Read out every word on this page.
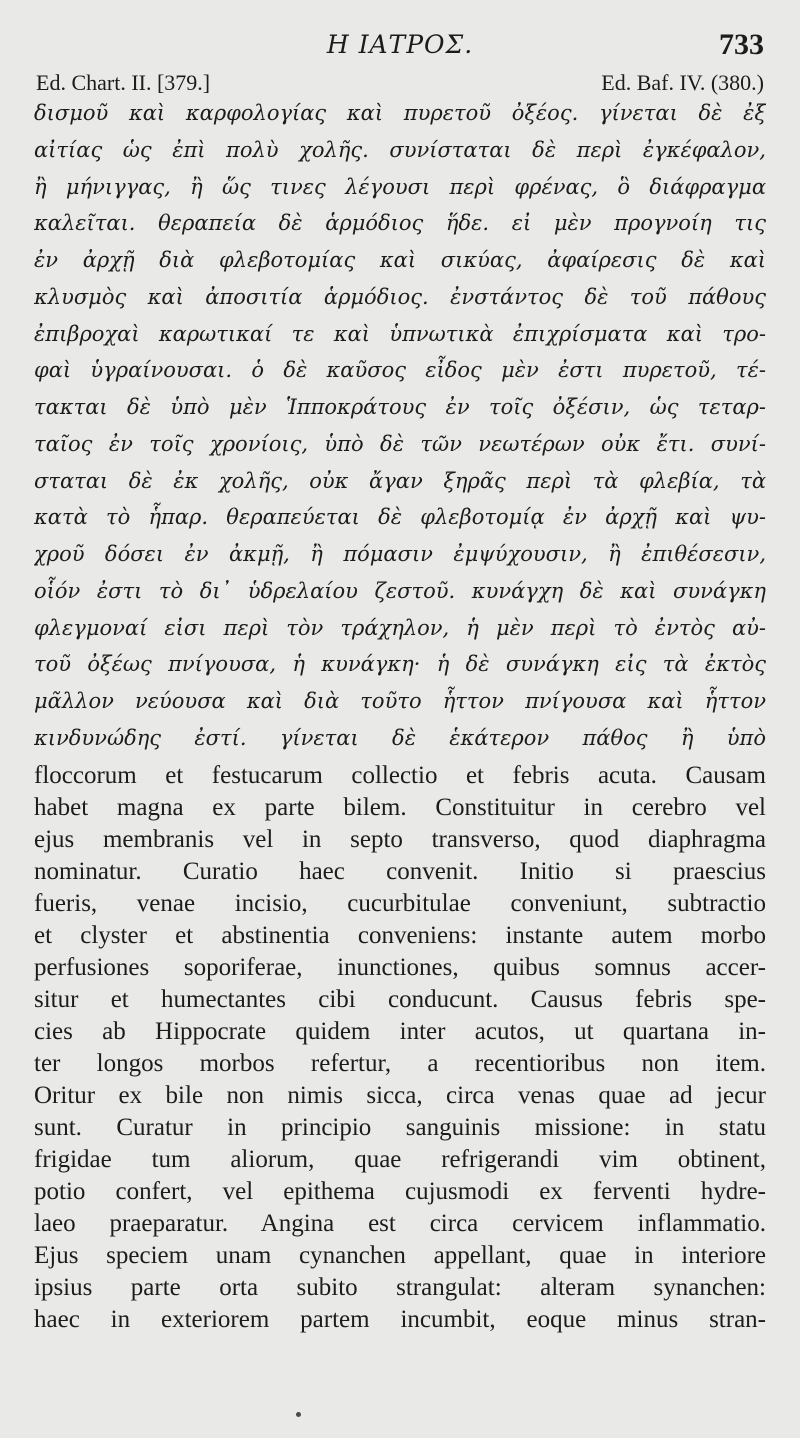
Η ΙΑΤΡΟΣ.	733
Ed. Chart. II. [379.]	Ed. Baf. IV. (380.)
δισμοῦ καὶ καρφολογίας καὶ πυρετοῦ ὀξέος. γίνεται δὲ ἐξ
αἰτίας ὡς ἐπὶ πολὺ χολῆς. συνίσταται δὲ περὶ ἐγκέφαλον,
ἢ μήνιγγας, ἢ ὥς τινες λέγουσι περὶ φρένας, ὃ διάφραγμα
καλεῖται. θεραπεία δὲ ἁρμόδιος ἥδε. εἰ μὲν προγνοίη τις
ἐν ἀρχῇ διὰ φλεβοτομίας καὶ σικύας, ἀφαίρεσις δὲ καὶ
κλυσμὸς καὶ ἀποσιτία ἁρμόδιος. ἐνστάντος δὲ τοῦ πάθους
ἐπιβροχαὶ καρωτικαί τε καὶ ὑπνωτικὰ ἐπιχρίσματα καὶ τρο-
φαὶ ὑγραίνουσαι. ὁ δὲ καῦσος εἶδος μὲν ἐστι πυρετοῦ, τέ-
τακται δὲ ὑπὸ μὲν Ἱπποκράτους ἐν τοῖς ὀξέσιν, ὡς τεταρ-
ταῖος ἐν τοῖς χρονίοις, ὑπὸ δὲ τῶν νεωτέρων οὐκ ἔτι. συνί-
σταται δὲ ἐκ χολῆς, οὐκ ἄγαν ξηρᾶς περὶ τὰ φλεβία, τὰ
κατὰ τὸ ἧπαρ. θεραπεύεται δὲ φλεβοτομίᾳ ἐν ἀρχῇ καὶ ψυ-
χροῦ δόσει ἐν ἀκμῇ, ἢ πόμασιν ἐμψύχουσιν, ἢ ἐπιθέσεσιν,
οἷόν ἐστι τὸ δι᾽ ὑδρελαίου ζεστοῦ. κυνάγχη δὲ καὶ συνάγκη
φλεγμοναί εἰσι περὶ τὸν τράχηλον, ἡ μὲν περὶ τὸ ἐντὸς αὐ-
τοῦ ὀξέως πνίγουσα, ἡ κυνάγκη· ἡ δὲ συνάγκη εἰς τὰ ἐκτὸς
μᾶλλον νεύουσα καὶ διὰ τοῦτο ἧττον πνίγουσα καὶ ἧττον
κινδυνώδης ἐστί. γίνεται δὲ ἑκάτερον πάθος ἢ ὑπὸ
floccorum et festucarum collectio et febris acuta. Causam
habet magna ex parte bilem. Constituitur in cerebro vel
ejus membranis vel in septo transverso, quod diaphragma
nominatur. Curatio haec convenit. Initio si praescius
fueris, venae incisio, cucurbitulae conveniunt, subtractio
et clyster et abstinentia conveniens: instante autem morbo
perfusiones soporiferae, inunctiones, quibus somnus accer-
situr et humectantes cibi conducunt. Causus febris spe-
cies ab Hippocrate quidem inter acutos, ut quartana in-
ter longos morbos refertur, a recentioribus non item.
Oritur ex bile non nimis sicca, circa venas quae ad jecur
sunt. Curatur in principio sanguinis missione: in statu
frigidae tum aliorum, quae refrigerandi vim obtinent,
potio confert, vel epithema cujusmodi ex ferventi hydre-
laeo praeparatur. Angina est circa cervicem inflammatio.
Ejus speciem unam cynanchen appellant, quae in interiore
ipsius parte orta subito strangulat: alteram synanchen:
haec in exteriorem partem incumbit, eoque minus stran-
